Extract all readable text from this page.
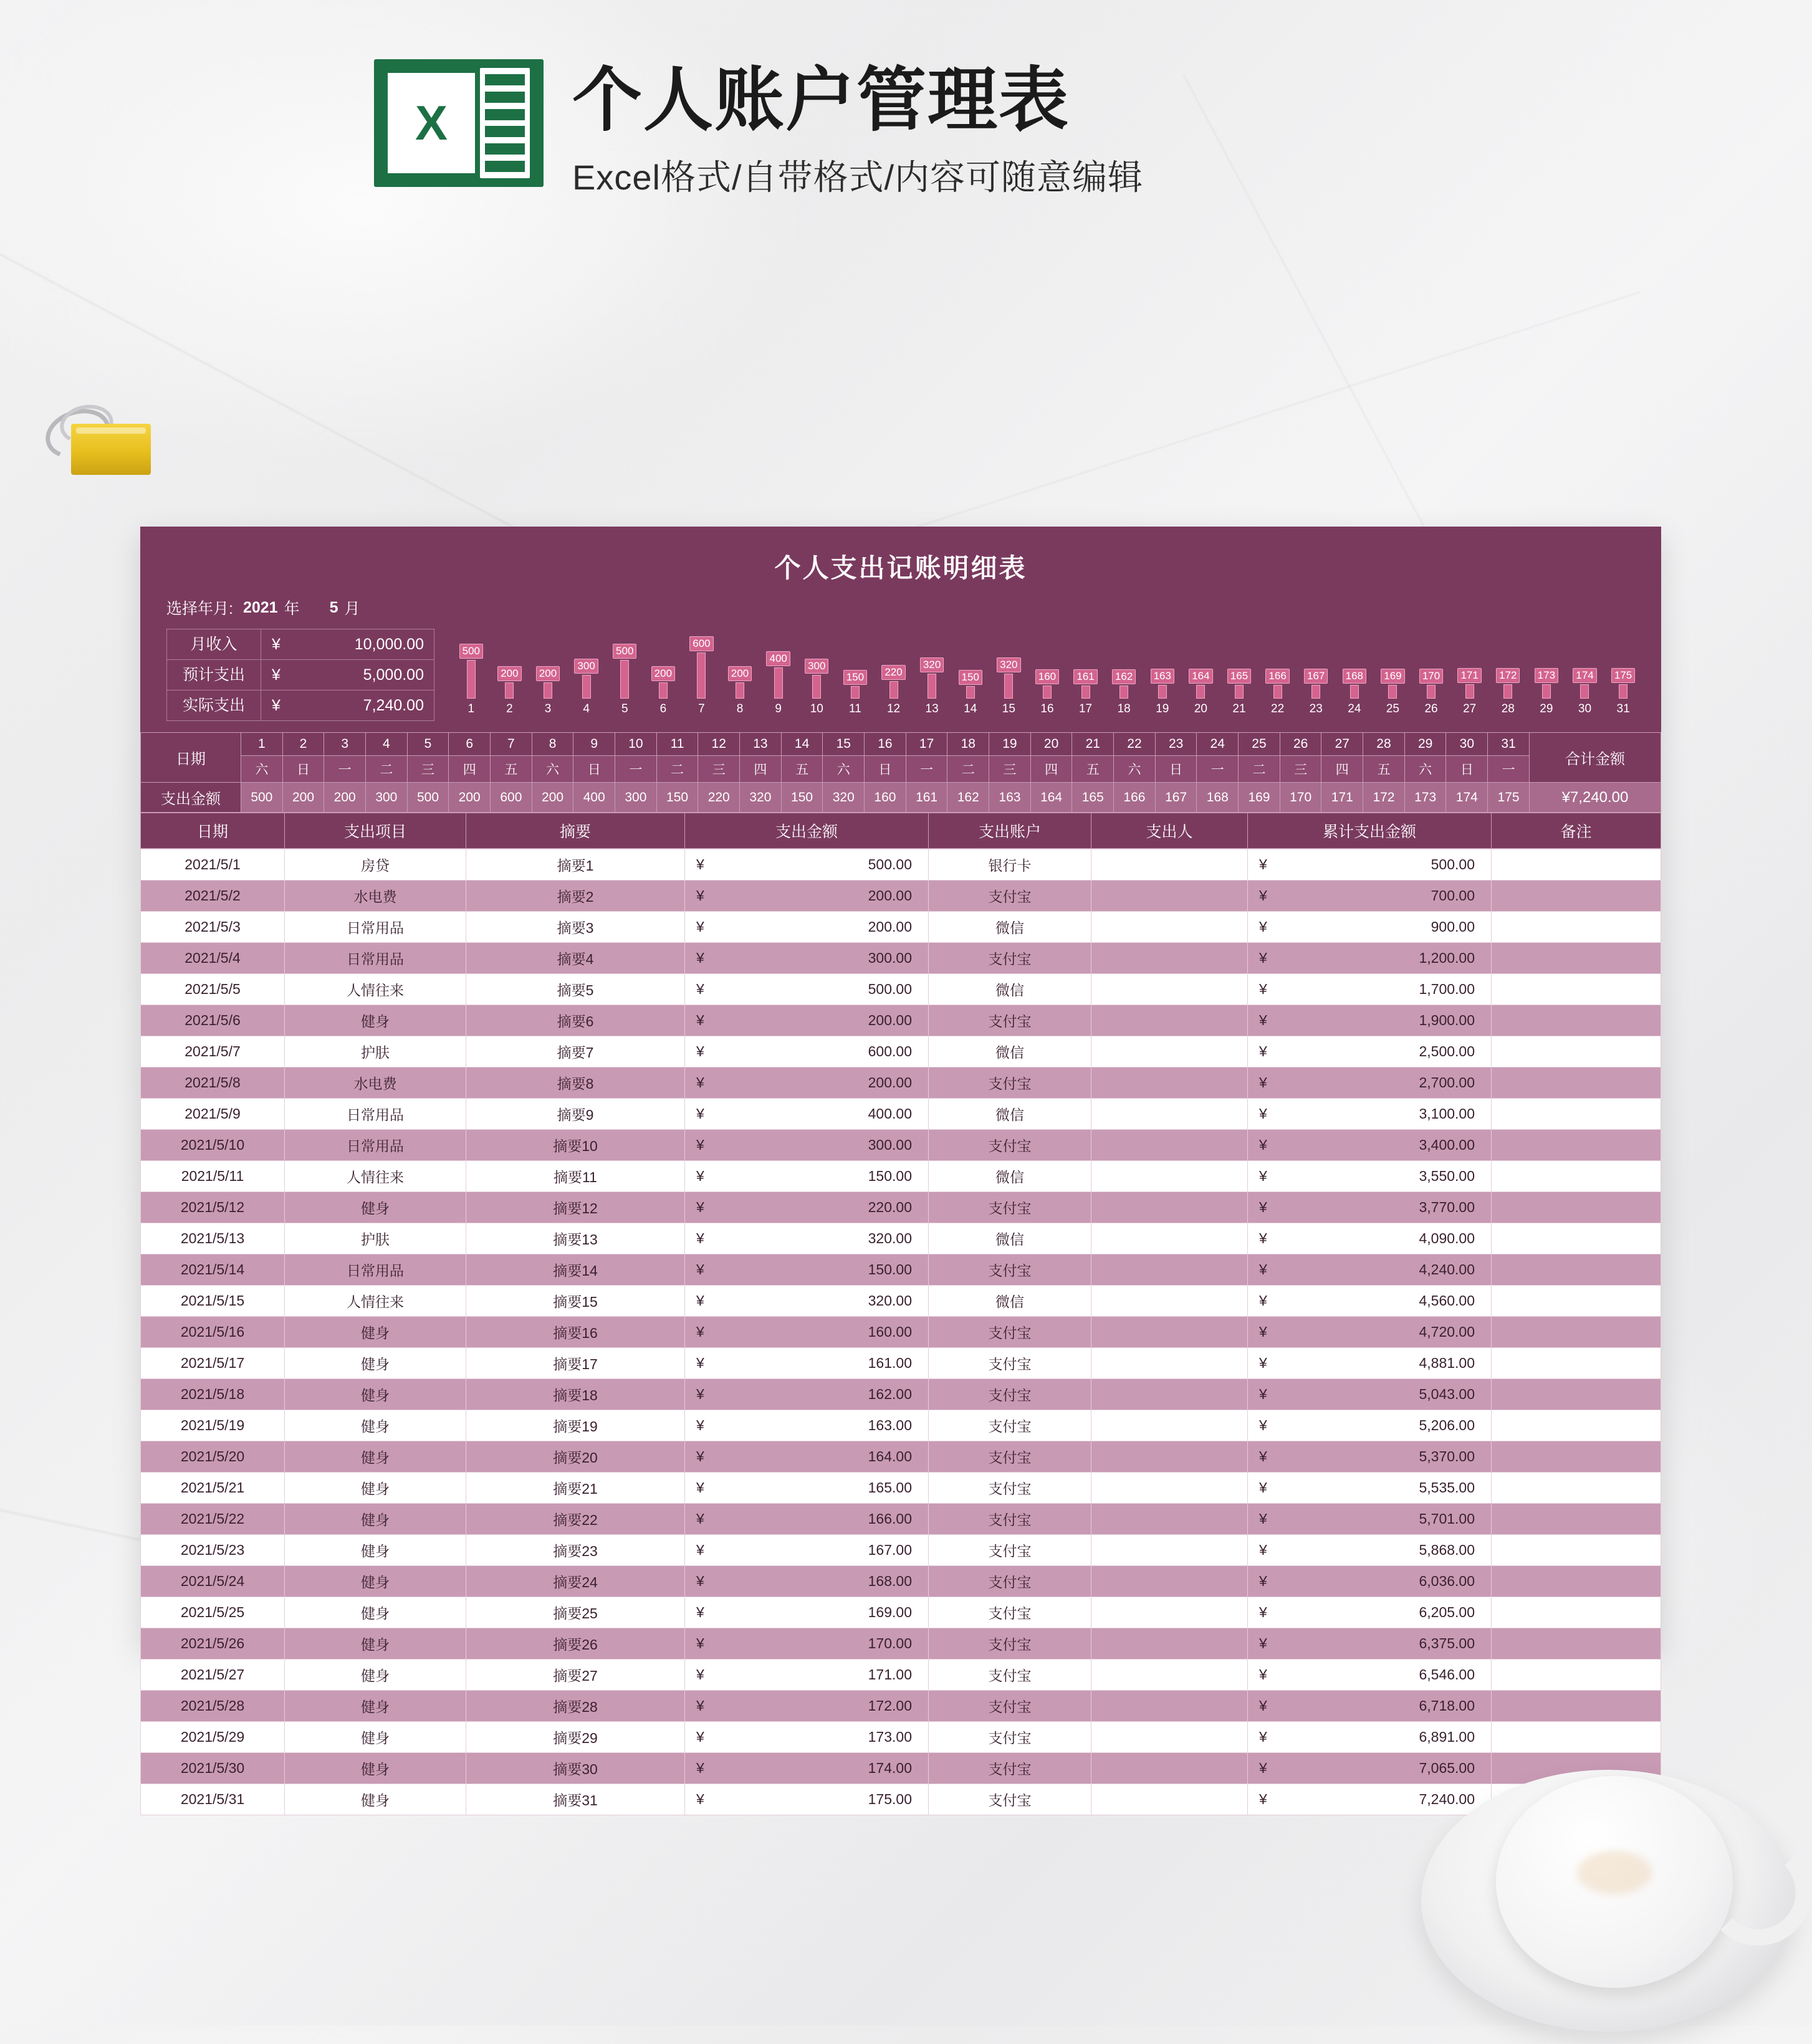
X	个人账户管理表
Excel格式/自带格式/内容可随意编辑
个人支出记账明细表
选择年月: 2021 年 5 月
月收入	¥	10,000.00
预计支出	¥	5,000.00
实际支出	¥	7,240.00
500
200 200
300
500
200
600
200
400
300
150 220
320
150
320
160 161 162 163 164 165 166 167 168 169 170 171 172 173 174 175
1	2	3	4	5	6	7	8	9	10	11	12	13	14	15	16	17	18	19	20	21	22	23	24	25	26	27	28	29	30	31
日期	1	2	3	4	5	6	7	8	9	10	11	12	13	14	15	16	17	18	19	20	21	22	23	24	25	26	27	28	29	30	31	合计金额
	六	日	一	二	三	四	五	六	日	一	二	三	四	五	六	日	一	二	三	四	五	六	日	一	二	三	四	五	六	日	一	
支出金额	500	200	200	300	500	200	600	200	400	300	150	220	320	150	320	160	161	162	163	164	165	166	167	168	169	170	171	172	173	174	175	¥7,240.00
日期	支出项目	摘要	支出金额	支出账户	支出人	累计支出金额	备注
2021/5/1	房贷	摘要1	¥ 500.00	银行卡		¥ 500.00	

2021/5/2	水电费	摘要2	¥ 200.00	支付宝		¥ 700.00	

2021/5/3	日常用品	摘要3	¥ 200.00	微信		¥ 900.00	

2021/5/4	日常用品	摘要4	¥ 300.00	支付宝		¥ 1,200.00	

2021/5/5	人情往来	摘要5	¥ 500.00	微信		¥ 1,700.00	

2021/5/6	健身	摘要6	¥ 200.00	支付宝		¥ 1,900.00	

2021/5/7	护肤	摘要7	¥ 600.00	微信		¥ 2,500.00	

2021/5/8	水电费	摘要8	¥ 200.00	支付宝		¥ 2,700.00	

2021/5/9	日常用品	摘要9	¥ 400.00	微信		¥ 3,100.00	

2021/5/10	日常用品	摘要10	¥ 300.00	支付宝		¥ 3,400.00	

2021/5/11	人情往来	摘要11	¥ 150.00	微信		¥ 3,550.00	

2021/5/12	健身	摘要12	¥ 220.00	支付宝		¥ 3,770.00	

2021/5/13	护肤	摘要13	¥ 320.00	微信		¥ 4,090.00	

2021/5/14	日常用品	摘要14	¥ 150.00	支付宝		¥ 4,240.00	

2021/5/15	人情往来	摘要15	¥ 320.00	微信		¥ 4,560.00	

2021/5/16	健身	摘要16	¥ 160.00	支付宝		¥ 4,720.00	

2021/5/17	健身	摘要17	¥ 161.00	支付宝		¥ 4,881.00	

2021/5/18	健身	摘要18	¥ 162.00	支付宝		¥ 5,043.00	

2021/5/19	健身	摘要19	¥ 163.00	支付宝		¥ 5,206.00	

2021/5/20	健身	摘要20	¥ 164.00	支付宝		¥ 5,370.00	

2021/5/21	健身	摘要21	¥ 165.00	支付宝		¥ 5,535.00	

2021/5/22	健身	摘要22	¥ 166.00	支付宝		¥ 5,701.00	

2021/5/23	健身	摘要23	¥ 167.00	支付宝		¥ 5,868.00	

2021/5/24	健身	摘要24	¥ 168.00	支付宝		¥ 6,036.00	

2021/5/25	健身	摘要25	¥ 169.00	支付宝		¥ 6,205.00	

2021/5/26	健身	摘要26	¥ 170.00	支付宝		¥ 6,375.00	

2021/5/27	健身	摘要27	¥ 171.00	支付宝		¥ 6,546.00	

2021/5/28	健身	摘要28	¥ 172.00	支付宝		¥ 6,718.00	

2021/5/29	健身	摘要29	¥ 173.00	支付宝		¥ 6,891.00	

2021/5/30	健身	摘要30	¥ 174.00	支付宝		¥ 7,065.00	

2021/5/31	健身	摘要31	¥ 175.00	支付宝		¥ 7,240.00	
